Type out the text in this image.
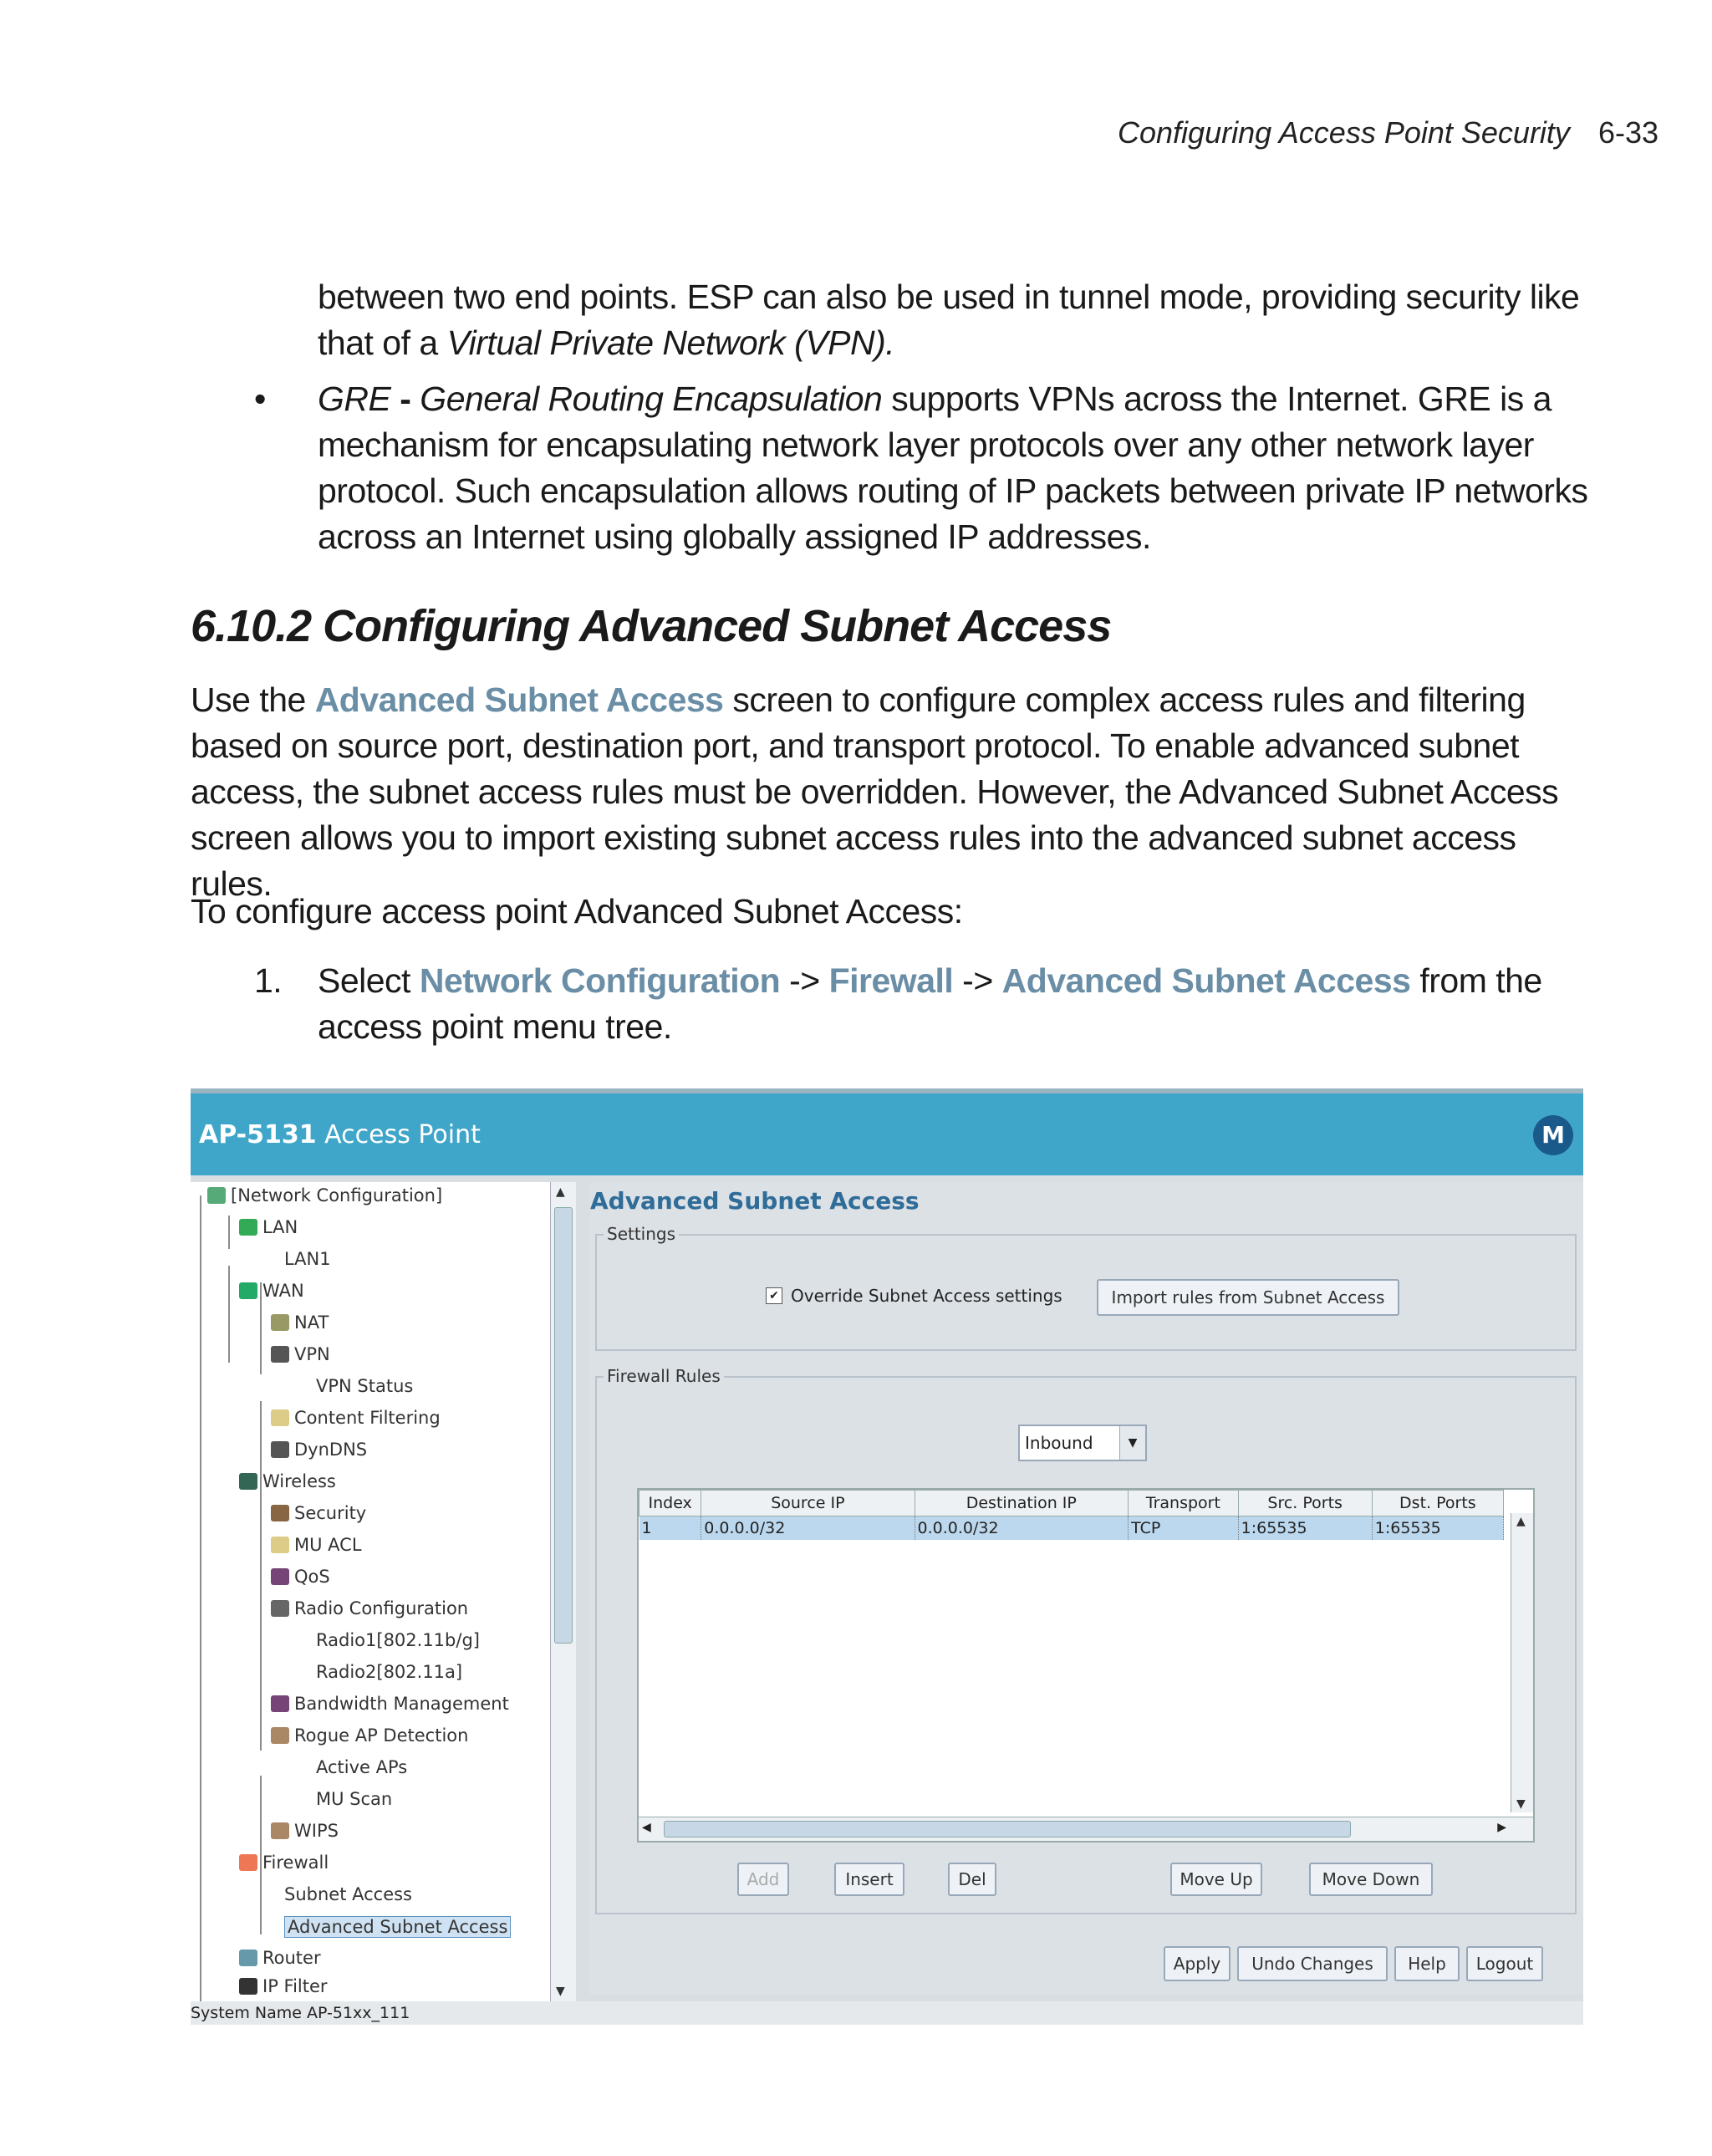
Configuring Access Point Security 6-33
between two end points. ESP can also be used in tunnel mode, providing security like that of a Virtual Private Network (VPN).
• GRE - General Routing Encapsulation supports VPNs across the Internet. GRE is a mechanism for encapsulating network layer protocols over any other network layer protocol. Such encapsulation allows routing of IP packets between private IP networks across an Internet using globally assigned IP addresses.
6.10.2 Configuring Advanced Subnet Access
Use the Advanced Subnet Access screen to configure complex access rules and filtering based on source port, destination port, and transport protocol. To enable advanced subnet access, the subnet access rules must be overridden. However, the Advanced Subnet Access screen allows you to import existing subnet access rules into the advanced subnet access rules.
To configure access point Advanced Subnet Access:
1. Select Network Configuration -> Firewall -> Advanced Subnet Access from the access point menu tree.
AP-5131 Access Point	M
[Network Configuration]
LAN
LAN1
WAN
NAT
VPN
VPN Status
Content Filtering
DynDNS
Wireless
Security
MU ACL
QoS
Radio Configuration
Radio1[802.11b/g]
Radio2[802.11a]
Bandwidth Management
Rogue AP Detection
Active APs
MU Scan
WIPS
Firewall
Subnet Access
Advanced Subnet Access
Router
IP Filter
▲
▼
Advanced Subnet Access
Settings
✔ Override Subnet Access settings	Import rules from Subnet Access
Firewall Rules
Inbound	▼
Index	Source IP	Destination IP	Transport	Src. Ports	Dst. Ports
1	0.0.0.0/32	0.0.0.0/32	TCP	1:65535	1:65535	▲
▼
◀	▶
Add	Insert	Del	Move Up	Move Down
Apply	Undo Changes	Help	Logout
System Name AP-51xx_111
